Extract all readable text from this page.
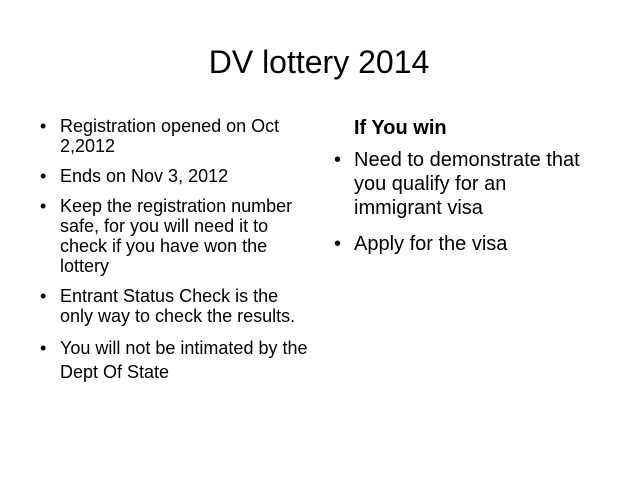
DV lottery 2014
• Registration opened on Oct 2,2012
• Ends on Nov 3, 2012
• Keep the registration number safe, for you will need it to check if you have won the lottery
• Entrant Status Check is the only way to check the results.
• You will not be intimated by the Dept Of State
If You win
• Need to demonstrate that you qualify for an immigrant visa
• Apply for the visa
